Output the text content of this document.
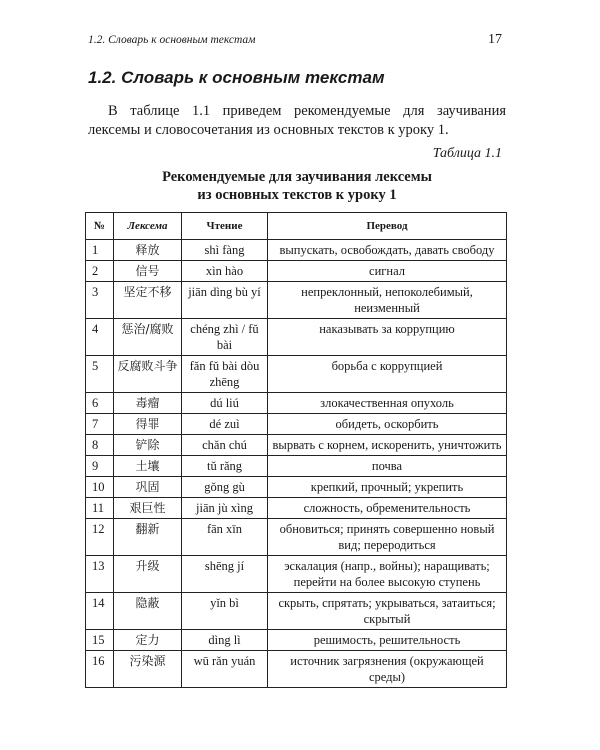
1.2. Словарь к основным текстам	17
1.2. Словарь к основным текстам

В таблице 1.1 приведем рекомендуемые для заучивания лексемы и словосочетания из основных текстов к уроку 1.

Таблица 1.1
Рекомендуемые для заучивания лексемы
из основных текстов к уроку 1
№	Лексема	Чтение	Перевод
1	释放	shì fàng	выпускать, освобождать, давать свободу
2	信号	xìn hào	сигнал
3	坚定不移	jiān dìng bù yí	непреклонный, непоколебимый, неизменный
4	惩治/腐败	chéng zhì / fǔ bài	наказывать за коррупцию
5	反腐败斗争	fǎn fǔ bài dòu zhēng	борьба с коррупцией
6	毒瘤	dú liú	злокачественная опухоль
7	得罪	dé zuì	обидеть, оскорбить
8	铲除	chǎn chú	вырвать с корнем, искоренить, уничтожить
9	土壤	tǔ rǎng	почва
10	巩固	gǒng gù	крепкий, прочный; укрепить
11	艰巨性	jiān jù xìng	сложность, обременительность
12	翻新	fān xīn	обновиться; принять совершенно новый вид; переродиться
13	升级	shēng jí	эскалация (напр., войны); наращивать; перейти на более высокую ступень
14	隐蔽	yǐn bì	скрыть, спрятать; укрываться, затаиться; скрытый
15	定力	dìng lì	решимость, решительность
16	污染源	wū rǎn yuán	источник загрязнения (окружающей среды)
